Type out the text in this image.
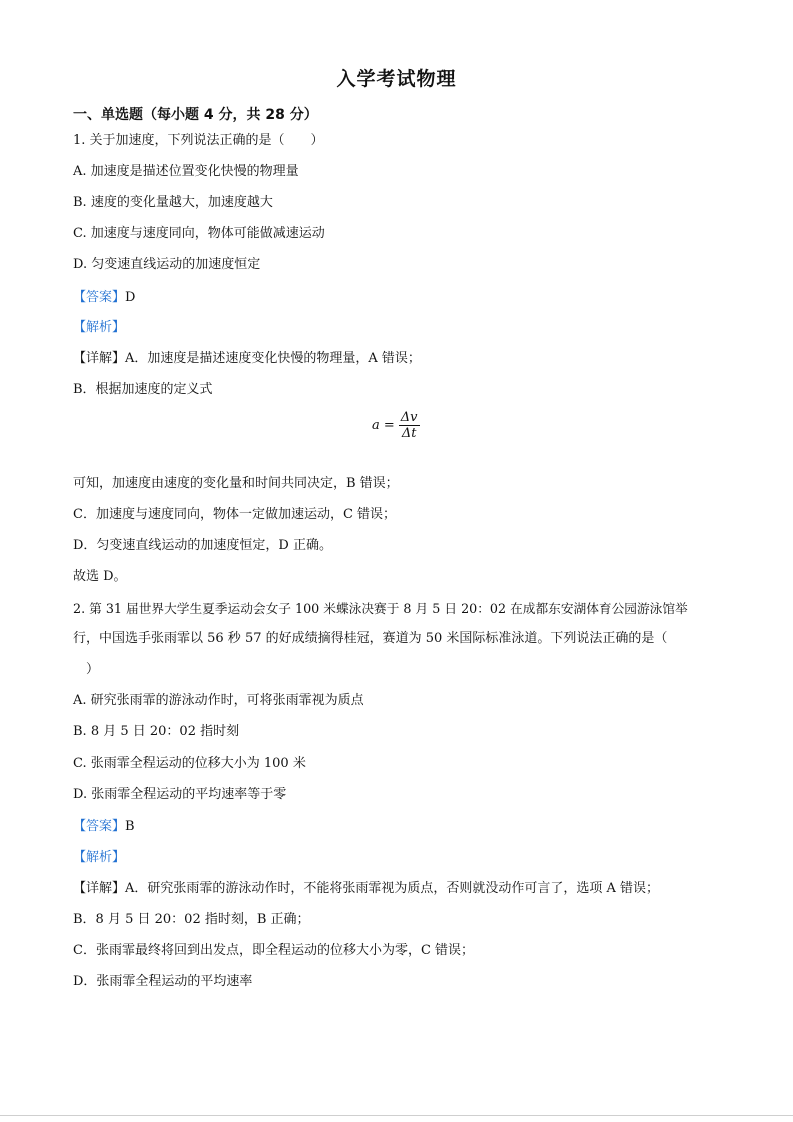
入学考试物理
一、单选题（每小题 4 分，共 28 分）
1. 关于加速度，下列说法正确的是（　　）
A. 加速度是描述位置变化快慢的物理量
B. 速度的变化量越大，加速度越大
C. 加速度与速度同向，物体可能做减速运动
D. 匀变速直线运动的加速度恒定
【答案】D
【解析】
【详解】A．加速度是描述速度变化快慢的物理量，A 错误；
B．根据加速度的定义式
$a = \frac{\Delta v}{\Delta t}$
可知，加速度由速度的变化量和时间共同决定，B 错误；
C．加速度与速度同向，物体一定做加速运动，C 错误；
D．匀变速直线运动的加速度恒定，D 正确。
故选 D。
2. 第 31 届世界大学生夏季运动会女子 100 米蝶泳决赛于 8 月 5 日 20：02 在成都东安湖体育公园游泳馆举
行，中国选手张雨霏以 56 秒 57 的好成绩摘得桂冠，赛道为 50 米国际标准泳道。下列说法正确的是（
　）
A. 研究张雨霏的游泳动作时，可将张雨霏视为质点
B. 8 月 5 日 20：02 指时刻
C. 张雨霏全程运动的位移大小为 100 米
D. 张雨霏全程运动的平均速率等于零
【答案】B
【解析】
【详解】A．研究张雨霏的游泳动作时，不能将张雨霏视为质点，否则就没动作可言了，选项 A 错误；
B．8 月 5 日 20：02 指时刻，B 正确；
C．张雨霏最终将回到出发点，即全程运动的位移大小为零，C 错误；
D．张雨霏全程运动的平均速率
